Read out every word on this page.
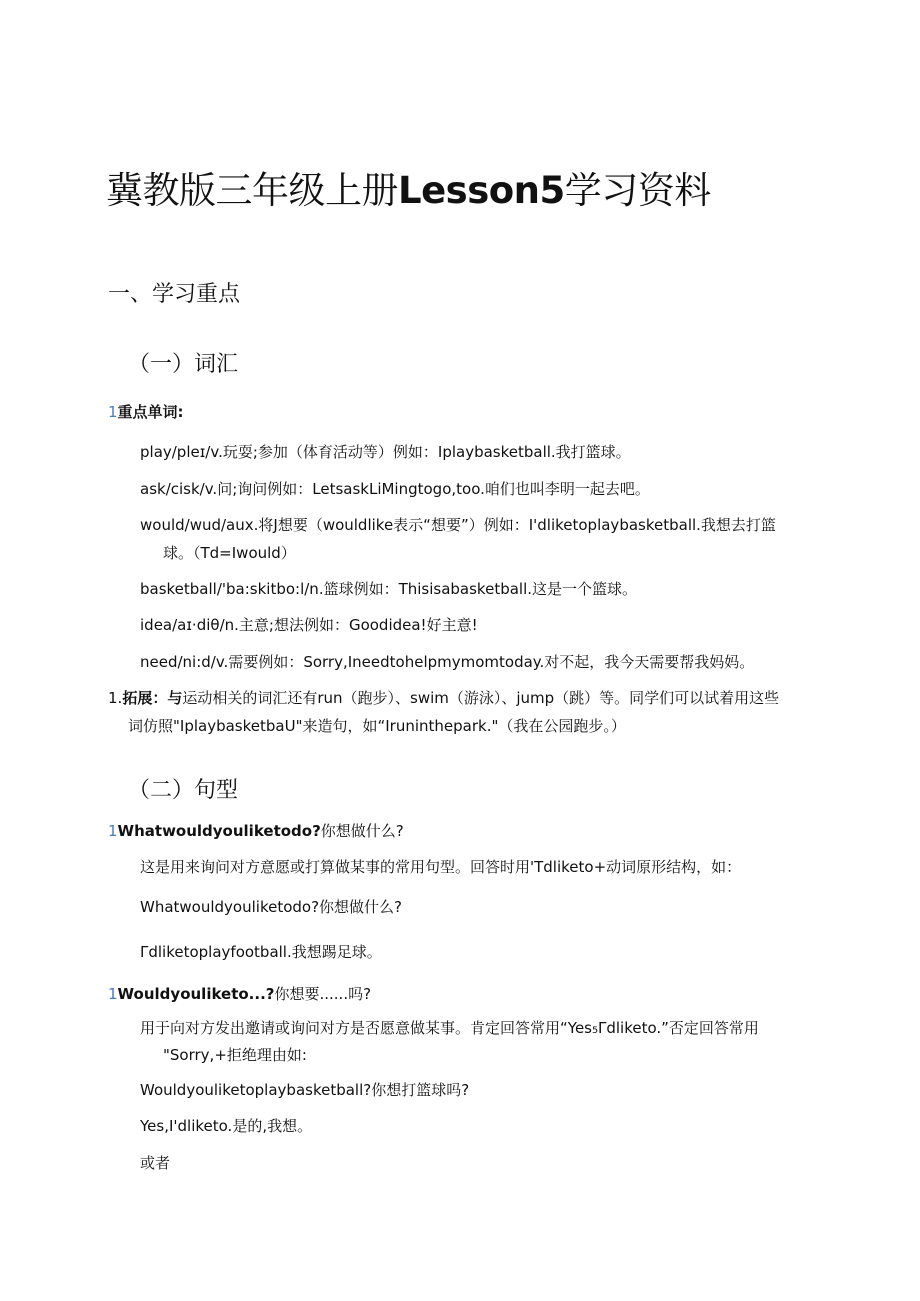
冀教版三年级上册Lesson5学习资料
一、学习重点
（一）词汇
1重点单词:
play/pleɪ/v.玩耍;参加（体育活动等）例如：Iplaybasketball.我打篮球。
ask/cisk/v.问;询问例如：LetsaskLiMingtogo,too.咱们也叫李明一起去吧。
would/wud/aux.将J想要（wouldlike表示“想要”）例如：I'dliketoplaybasketball.我想去打篮
球。（Td=Iwould）
basketball/'ba:skitbo:l/n.篮球例如：Thisisabasketball.这是一个篮球。
idea/aɪ·diθ/n.主意;想法例如：Goodidea!好主意!
need/ni:d/v.需要例如：Sorry,Ineedtohelpmymomtoday.对不起，我今天需要帮我妈妈。
1.拓展：与运动相关的词汇还有run（跑步）、swim（游泳）、jump（跳）等。同学们可以试着用这些
词仿照"IplaybasketbaU"来造句，如“Iruninthepark."（我在公园跑步。）
（二）句型
1Whatwouldyouliketodo?你想做什么?
这是用来询问对方意愿或打算做某事的常用句型。回答时用'Tdliketo+动词原形结构，如：
Whatwouldyouliketodo?你想做什么?
Γdliketoplayfootball.我想踢足球。
1Wouldyouliketo...?你想要......吗?
用于向对方发出邀请或询问对方是否愿意做某事。肯定回答常用“Yes₅Γdliketo.”否定回答常用
"Sorry,+拒绝理由如:
Wouldyouliketoplaybasketball?你想打篮球吗?
Yes,I'dliketo.是的,我想。
或者
